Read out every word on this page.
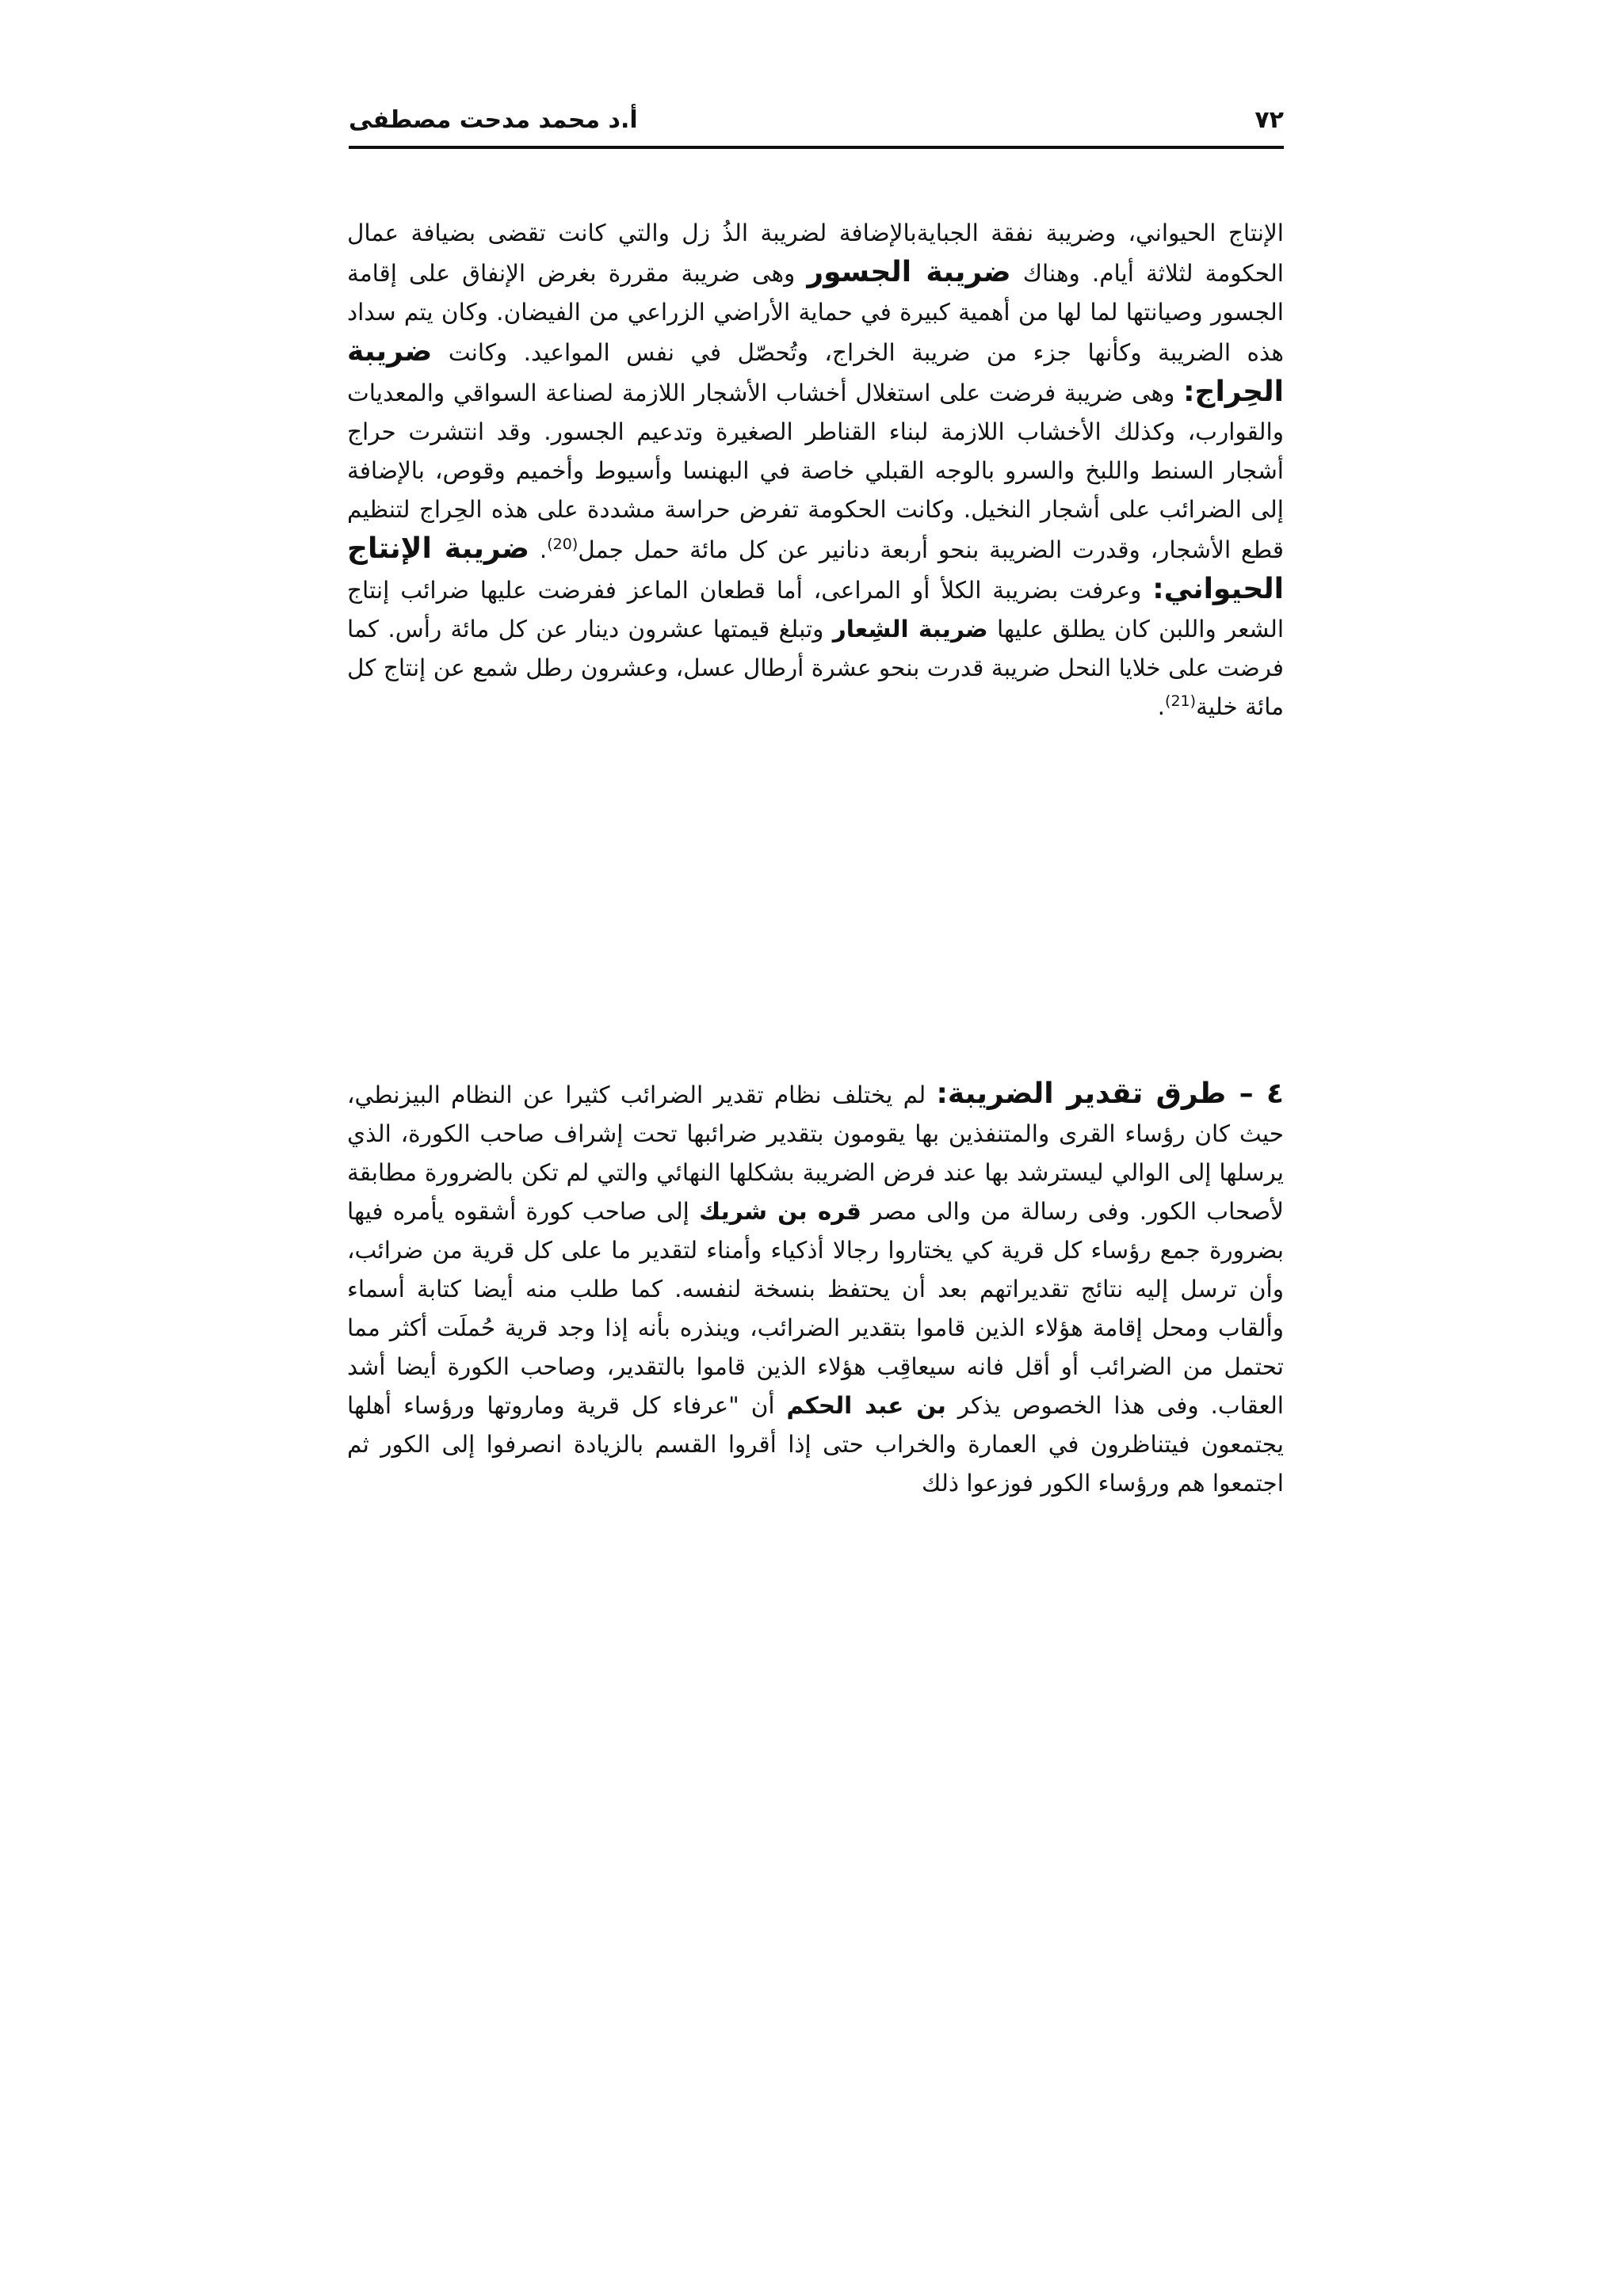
٧٢
أ.د محمد مدحت مصطفى

الإنتاج الحيواني، وضريبة نفقة الجبايةبالإضافة لضريبة الذُ زل والتي كانت تقضى بضيافة عمال الحكومة لثلاثة أيام. وهناك ضريبة الجسور وهى ضريبة مقررة بغرض الإنفاق على إقامة الجسور وصيانتها لما لها من أهمية كبيرة في حماية الأراضي الزراعي من الفيضان. وكان يتم سداد هذه الضريبة وكأنها جزء من ضريبة الخراج، وتُحصّل في نفس المواعيد. وكانت ضريبة الحِراج: وهى ضريبة فرضت على استغلال أخشاب الأشجار اللازمة لصناعة السواقي والمعديات والقوارب، وكذلك الأخشاب اللازمة لبناء القناطر الصغيرة وتدعيم الجسور. وقد انتشرت حراج أشجار السنط واللبخ والسرو بالوجه القبلي خاصة في البهنسا وأسيوط وأخميم وقوص، بالإضافة إلى الضرائب على أشجار النخيل. وكانت الحكومة تفرض حراسة مشددة على هذه الحِراج لتنظيم قطع الأشجار، وقدرت الضريبة بنحو أربعة دنانير عن كل مائة حمل جمل$^{(20)}$. ضريبة الإنتاج الحيواني: وعرفت بضريبة الكلأ أو المراعى، أما قطعان الماعز ففرضت عليها ضرائب إنتاج الشعر واللبن كان يطلق عليها ضريبة الشِعار وتبلغ قيمتها عشرون دينار عن كل مائة رأس. كما فرضت على خلايا النحل ضريبة قدرت بنحو عشرة أرطال عسل، وعشرون رطل شمع عن إنتاج كل مائة خلية$^{(21)}$.

٤ – طرق تقدير الضريبة: لم يختلف نظام تقدير الضرائب كثيرا عن النظام البيزنطي، حيث كان رؤساء القرى والمتنفذين بها يقومون بتقدير ضرائبها تحت إشراف صاحب الكورة، الذي يرسلها إلى الوالي ليسترشد بها عند فرض الضريبة بشكلها النهائي والتي لم تكن بالضرورة مطابقة لأصحاب الكور. وفى رسالة من والى مصر قره بن شريك إلى صاحب كورة أشقوه يأمره فيها بضرورة جمع رؤساء كل قرية كي يختاروا رجالا أذكياء وأمناء لتقدير ما على كل قرية من ضرائب، وأن ترسل إليه نتائج تقديراتهم بعد أن يحتفظ بنسخة لنفسه. كما طلب منه أيضا كتابة أسماء وألقاب ومحل إقامة هؤلاء الذين قاموا بتقدير الضرائب، وينذره بأنه إذا وجد قرية حُملَت أكثر مما تحتمل من الضرائب أو أقل فانه سيعاقِب هؤلاء الذين قاموا بالتقدير، وصاحب الكورة أيضا أشد العقاب. وفى هذا الخصوص يذكر بن عبد الحكم أن "عرفاء كل قرية وماروتها ورؤساء أهلها يجتمعون فيتناظرون في العمارة والخراب حتى إذا أقروا القسم بالزيادة انصرفوا إلى الكور ثم اجتمعوا هم ورؤساء الكور فوزعوا ذلك
